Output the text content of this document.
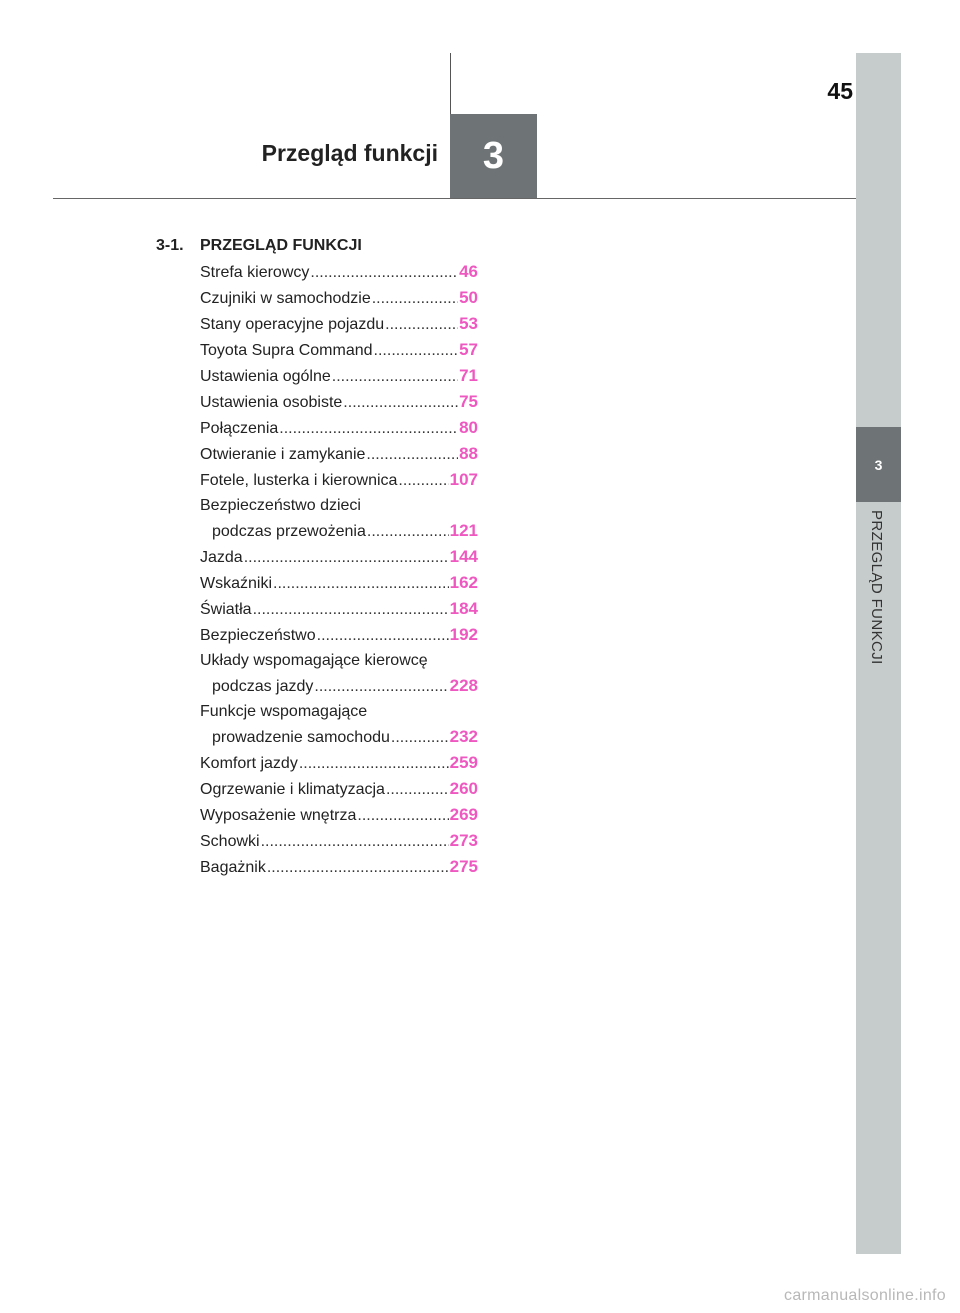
Przegląd funkcji	3
45
3
PRZEGLĄD FUNKCJI
3-1. PRZEGLĄD FUNKCJI
Strefa kierowcy .....	46
Czujniki w samochodzie .....	50
Stany operacyjne pojazdu .....	53
Toyota Supra Command .....	57
Ustawienia ogólne .....	71
Ustawienia osobiste .....	75
Połączenia .....	80
Otwieranie i zamykanie .....	88
Fotele, lusterka i kierownica .....	107
Bezpieczeństwo dzieci
podczas przewożenia .....	121
Jazda .....	144
Wskaźniki .....	162
Światła .....	184
Bezpieczeństwo .....	192
Układy wspomagające kierowcę
podczas jazdy .....	228
Funkcje wspomagające
prowadzenie samochodu .....	232
Komfort jazdy .....	259
Ogrzewanie i klimatyzacja .....	260
Wyposażenie wnętrza .....	269
Schowki .....	273
Bagażnik .....	275
carmanualsonline.info
